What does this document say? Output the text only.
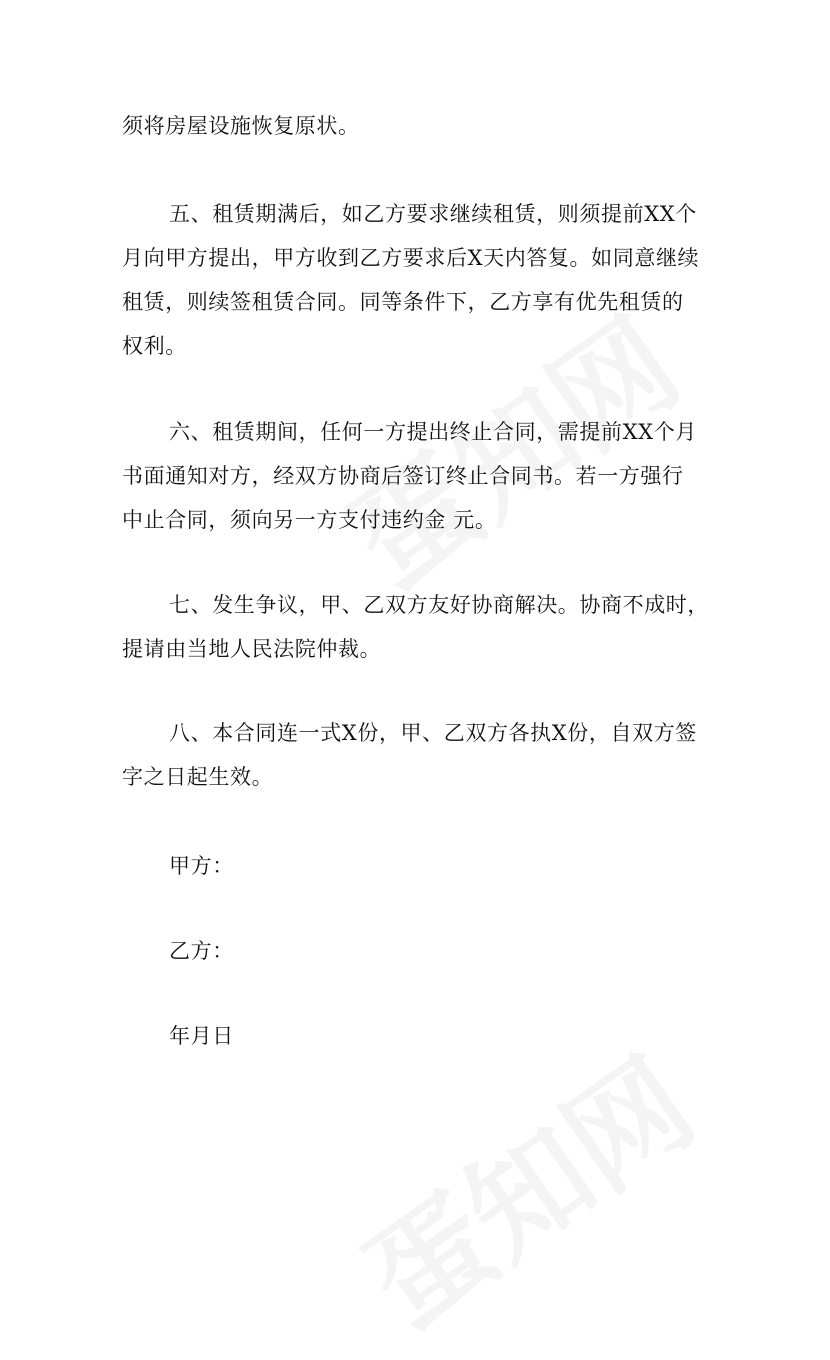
须将房屋设施恢复原状。

五、租赁期满后，如乙方要求继续租赁，则须提前XX个
月向甲方提出，甲方收到乙方要求后X天内答复。如同意继续
租赁，则续签租赁合同。同等条件下，乙方享有优先租赁的
权利。

六、租赁期间，任何一方提出终止合同，需提前XX个月
书面通知对方，经双方协商后签订终止合同书。若一方强行
中止合同，须向另一方支付违约金 元。

七、发生争议，甲、乙双方友好协商解决。协商不成时，
提请由当地人民法院仲裁。

八、本合同连一式X份，甲、乙双方各执X份，自双方签
字之日起生效。

甲方：

乙方：

年月日
